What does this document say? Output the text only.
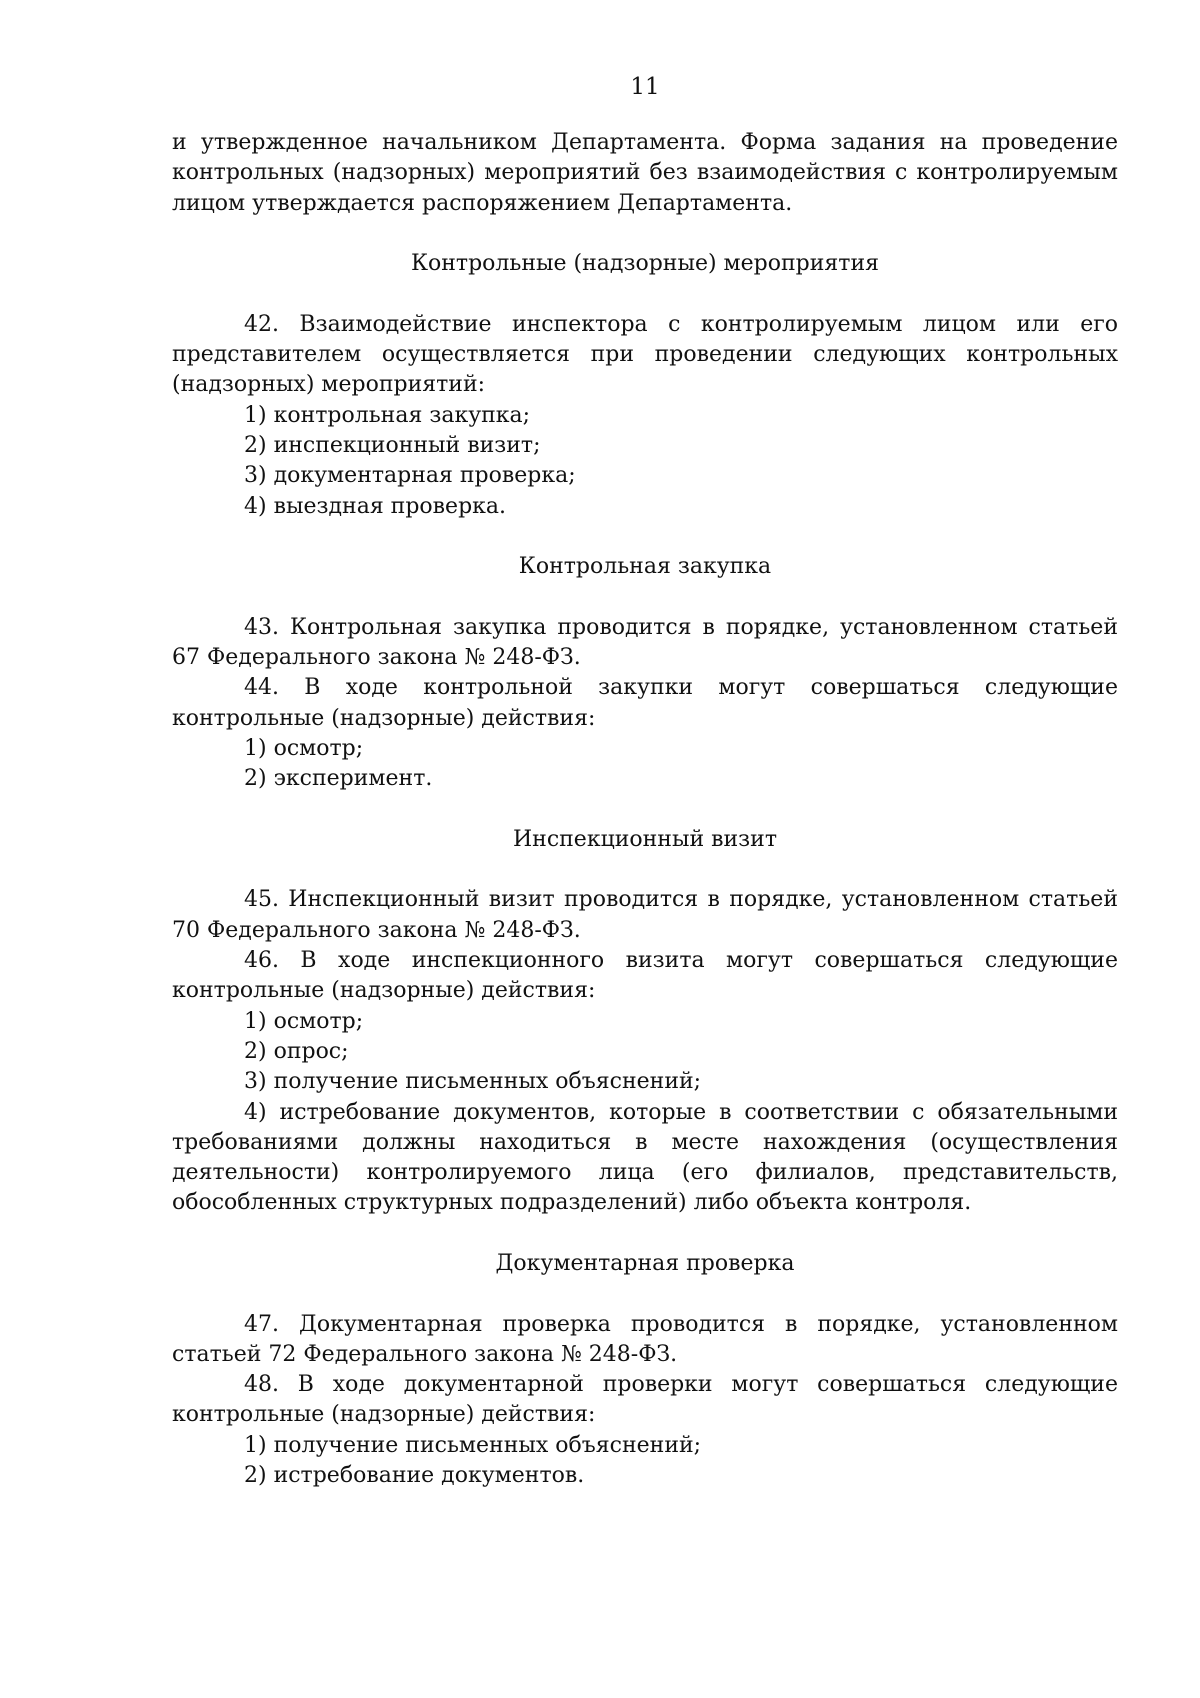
11

и утвержденное начальником Департамента. Форма задания на проведение контрольных (надзорных) мероприятий без взаимодействия с контролируемым лицом утверждается распоряжением Департамента.

Контрольные (надзорные) мероприятия

42. Взаимодействие инспектора с контролируемым лицом или его представителем осуществляется при проведении следующих контрольных (надзорных) мероприятий:

1) контрольная закупка;

2) инспекционный визит;

3) документарная проверка;

4) выездная проверка.

Контрольная закупка

43. Контрольная закупка проводится в порядке, установленном статьей 67 Федерального закона № 248-ФЗ.

44. В ходе контрольной закупки могут совершаться следующие контрольные (надзорные) действия:

1) осмотр;

2) эксперимент.

Инспекционный визит

45. Инспекционный визит проводится в порядке, установленном статьей 70 Федерального закона № 248-ФЗ.

46. В ходе инспекционного визита могут совершаться следующие контрольные (надзорные) действия:

1) осмотр;

2) опрос;

3) получение письменных объяснений;

4) истребование документов, которые в соответствии с обязательными требованиями должны находиться в месте нахождения (осуществления деятельности) контролируемого лица (его филиалов, представительств, обособленных структурных подразделений) либо объекта контроля.

Документарная проверка

47. Документарная проверка проводится в порядке, установленном статьей 72 Федерального закона № 248-ФЗ.

48. В ходе документарной проверки могут совершаться следующие контрольные (надзорные) действия:

1) получение письменных объяснений;

2) истребование документов.
